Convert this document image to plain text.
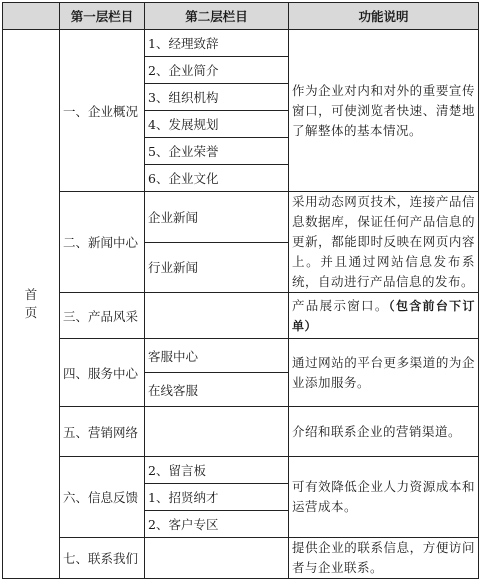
	第一层栏目	第二层栏目	功能说明
首页	一、企业概况	1、经理致辞	作为企业对内和对外的重要宣传窗口，可使浏览者快速、清楚地了解整体的基本情况。
		2、企业简介	
		3、组织机构	
		4、发展规划	
		5、企业荣誉	
		6、企业文化	
	二、新闻中心	企业新闻	采用动态网页技术，连接产品信息数据库，保证任何产品信息的更新，都能即时反映在网页内容上。并且通过网站信息发布系统，自动进行产品信息的发布。
		行业新闻	
	三、产品风采		产品展示窗口。（包含前台下订单）
	四、服务中心	客服中心	通过网站的平台更多渠道的为企业添加服务。
		在线客服	
	五、营销网络		介绍和联系企业的营销渠道。
	六、信息反馈	2、留言板	可有效降低企业人力资源成本和运营成本。
		1、招贤纳才	
		2、客户专区	
	七、联系我们		提供企业的联系信息，方便访问者与企业联系。
